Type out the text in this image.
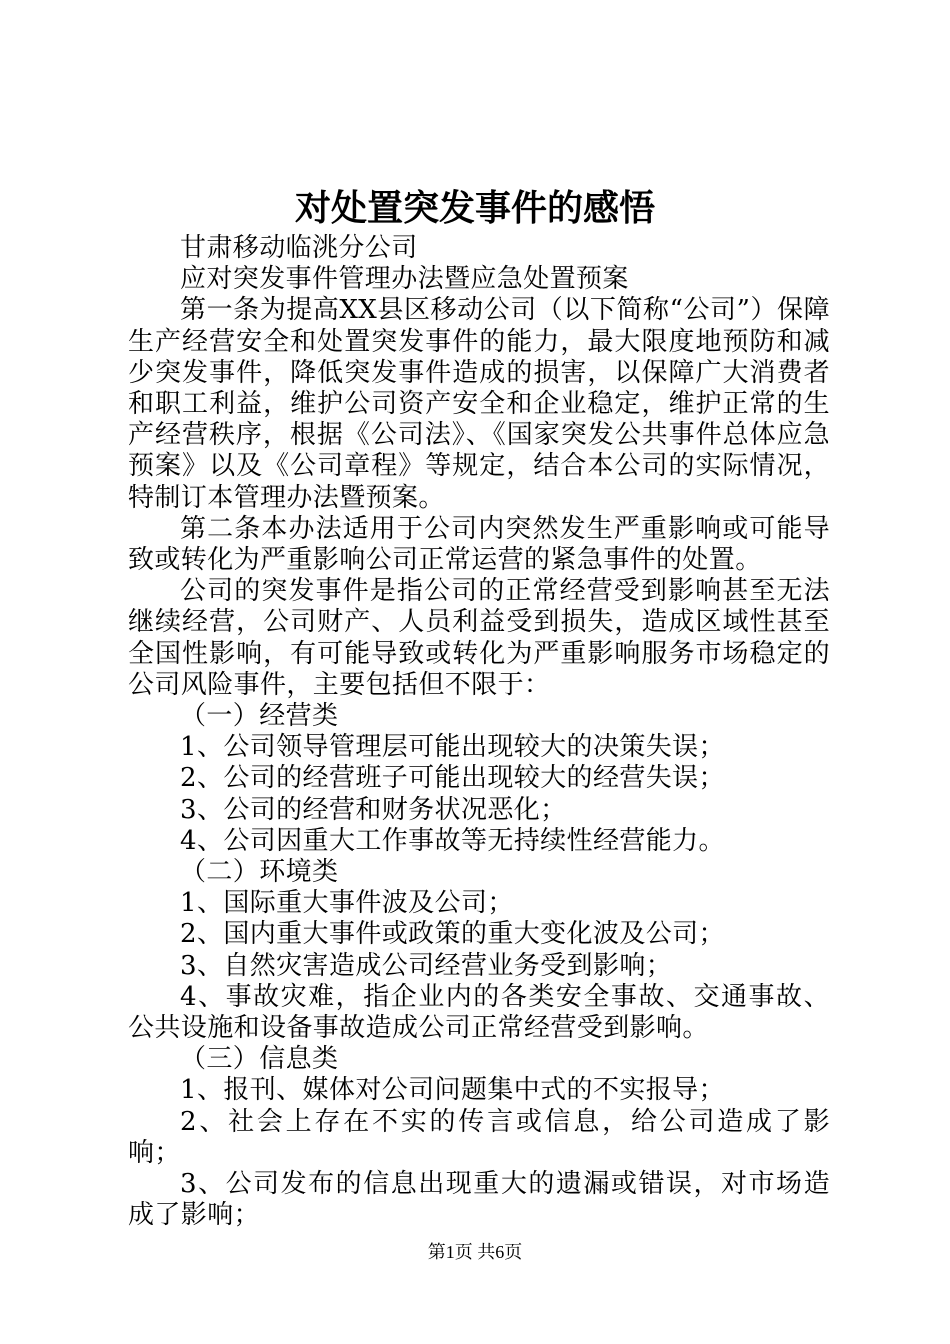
对处置突发事件的感悟

甘肃移动临洮分公司

应对突发事件管理办法暨应急处置预案

第一条为提高XX县区移动公司（以下简称“公司”）保障生产经营安全和处置突发事件的能力，最大限度地预防和减少突发事件，降低突发事件造成的损害，以保障广大消费者和职工利益，维护公司资产安全和企业稳定，维护正常的生产经营秩序，根据《公司法》、《国家突发公共事件总体应急预案》以及《公司章程》等规定，结合本公司的实际情况，特制订本管理办法暨预案。

第二条本办法适用于公司内突然发生严重影响或可能导致或转化为严重影响公司正常运营的紧急事件的处置。

公司的突发事件是指公司的正常经营受到影响甚至无法继续经营，公司财产、人员利益受到损失，造成区域性甚至全国性影响，有可能导致或转化为严重影响服务市场稳定的公司风险事件，主要包括但不限于：

（一）经营类

1、公司领导管理层可能出现较大的决策失误；

2、公司的经营班子可能出现较大的经营失误；

3、公司的经营和财务状况恶化；

4、公司因重大工作事故等无持续性经营能力。

（二）环境类

1、国际重大事件波及公司；

2、国内重大事件或政策的重大变化波及公司；

3、自然灾害造成公司经营业务受到影响；

4、事故灾难，指企业内的各类安全事故、交通事故、公共设施和设备事故造成公司正常经营受到影响。

（三）信息类

1、报刊、媒体对公司问题集中式的不实报导；

2、社会上存在不实的传言或信息，给公司造成了影响；

3、公司发布的信息出现重大的遗漏或错误，对市场造成了影响；

第1页 共6页
